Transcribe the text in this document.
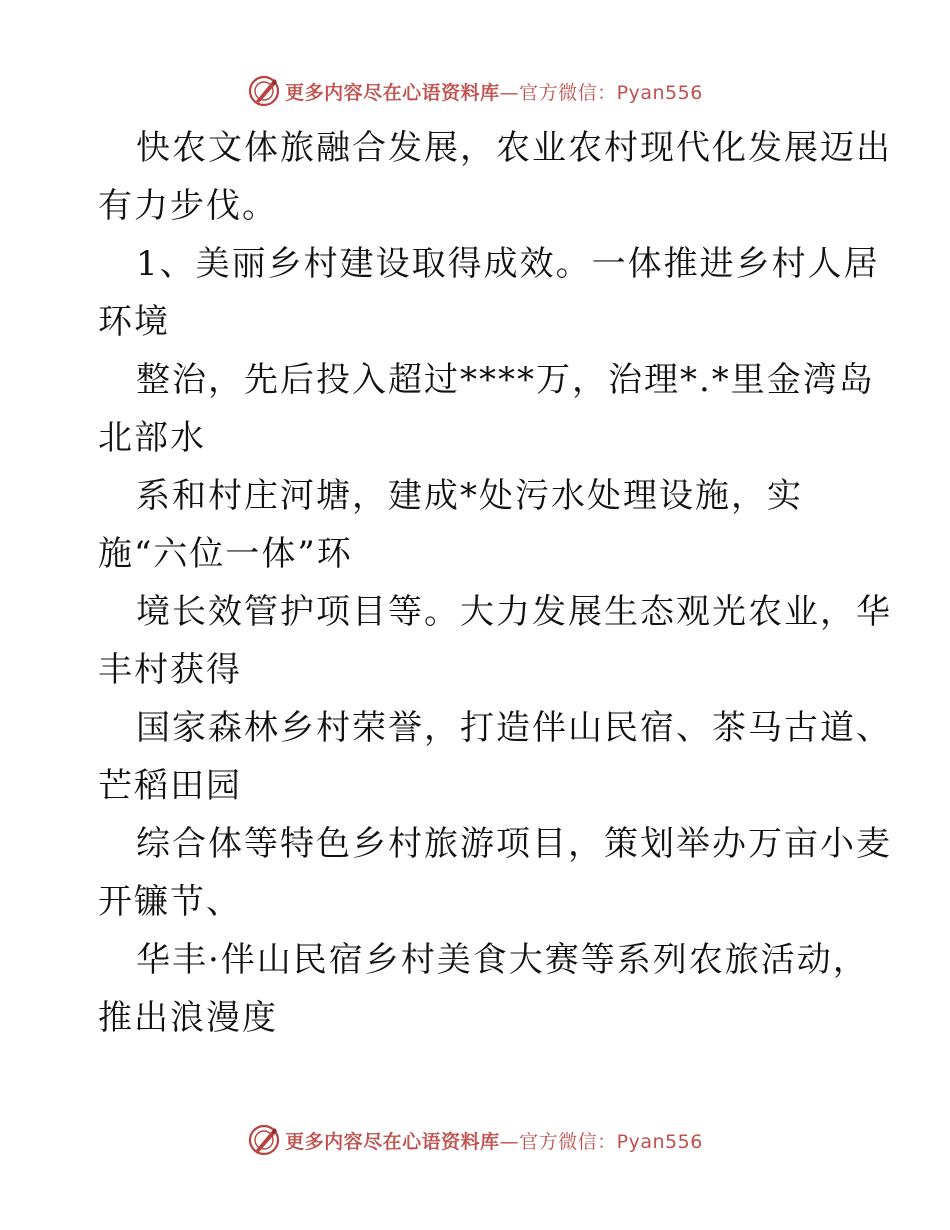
更多内容尽在心语资料库—官方微信：Pyan556
快农文体旅融合发展，农业农村现代化发展迈出
有力步伐。
1、美丽乡村建设取得成效。一体推进乡村人居
环境
整治，先后投入超过****万，治理*.*里金湾岛
北部水
系和村庄河塘，建成*处污水处理设施，实
施“六位一体”环
境长效管护项目等。大力发展生态观光农业，华
丰村获得
国家森林乡村荣誉，打造伴山民宿、茶马古道、
芒稻田园
综合体等特色乡村旅游项目，策划举办万亩小麦
开镰节、
华丰·伴山民宿乡村美食大赛等系列农旅活动，
推出浪漫度
更多内容尽在心语资料库—官方微信：Pyan556
